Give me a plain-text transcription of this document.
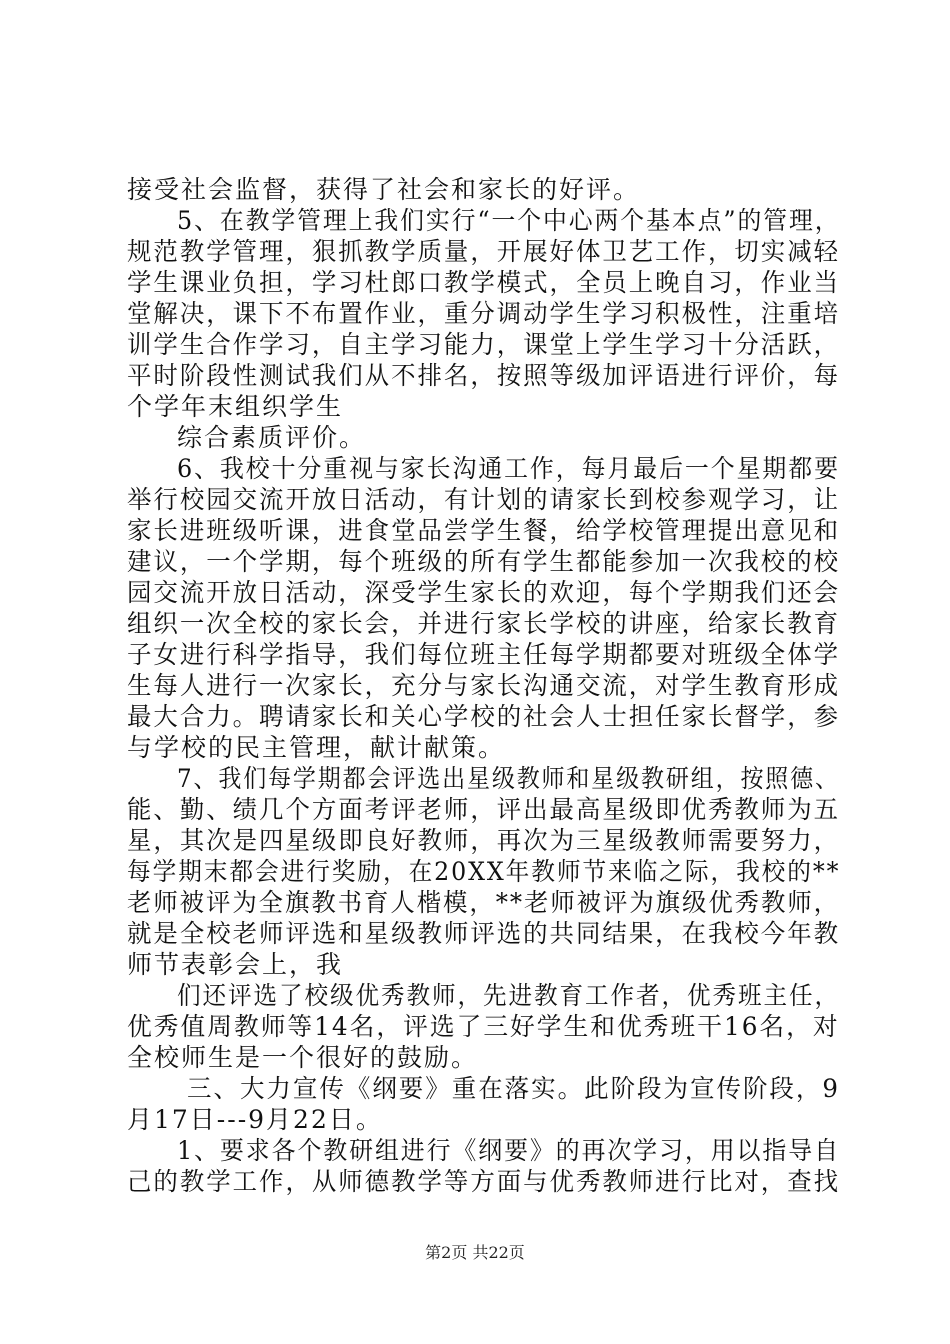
接受社会监督，获得了社会和家长的好评。
5、在教学管理上我们实行“一个中心两个基本点”的管理，
规范教学管理，狠抓教学质量，开展好体卫艺工作，切实减轻
学生课业负担，学习杜郎口教学模式，全员上晚自习，作业当
堂解决，课下不布置作业，重分调动学生学习积极性，注重培
训学生合作学习，自主学习能力，课堂上学生学习十分活跃，
平时阶段性测试我们从不排名，按照等级加评语进行评价，每
个学年末组织学生
综合素质评价。
6、我校十分重视与家长沟通工作，每月最后一个星期都要
举行校园交流开放日活动，有计划的请家长到校参观学习，让
家长进班级听课，进食堂品尝学生餐，给学校管理提出意见和
建议，一个学期，每个班级的所有学生都能参加一次我校的校
园交流开放日活动，深受学生家长的欢迎，每个学期我们还会
组织一次全校的家长会，并进行家长学校的讲座，给家长教育
子女进行科学指导，我们每位班主任每学期都要对班级全体学
生每人进行一次家长，充分与家长沟通交流，对学生教育形成
最大合力。聘请家长和关心学校的社会人士担任家长督学，参
与学校的民主管理，献计献策。
7、我们每学期都会评选出星级教师和星级教研组，按照德、
能、勤、绩几个方面考评老师，评出最高星级即优秀教师为五
星，其次是四星级即良好教师，再次为三星级教师需要努力，
每学期末都会进行奖励，在20XX年教师节来临之际，我校的**
老师被评为全旗教书育人楷模，**老师被评为旗级优秀教师，
就是全校老师评选和星级教师评选的共同结果，在我校今年教
师节表彰会上，我
们还评选了校级优秀教师，先进教育工作者，优秀班主任，
优秀值周教师等14名，评选了三好学生和优秀班干16名，对
全校师生是一个很好的鼓励。
三、大力宣传《纲要》重在落实。此阶段为宣传阶段，9
月17日---9月22日。
1、要求各个教研组进行《纲要》的再次学习，用以指导自
己的教学工作，从师德教学等方面与优秀教师进行比对，查找
第2页 共22页
